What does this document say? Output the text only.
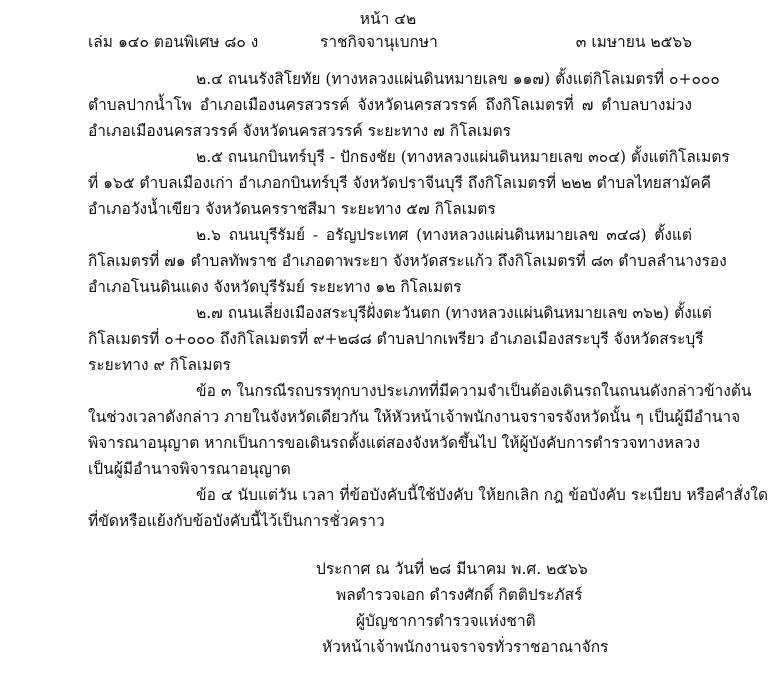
หน้า ๔๒
เล่ม ๑๔๐ ตอนพิเศษ ๘๐ ง	ราชกิจจานุเบกษา	๓ เมษายน ๒๕๖๖
๒.๔ ถนนรังสิโยทัย (ทางหลวงแผ่นดินหมายเลข ๑๑๗) ตั้งแต่กิโลเมตรที่ ๐+๐๐๐
ตำบลปากน้ำโพ อำเภอเมืองนครสวรรค์ จังหวัดนครสวรรค์ ถึงกิโลเมตรที่ ๗ ตำบลบางม่วง
อำเภอเมืองนครสวรรค์ จังหวัดนครสวรรค์ ระยะทาง ๗ กิโลเมตร
๒.๕ ถนนกบินทร์บุรี - ปักธงชัย (ทางหลวงแผ่นดินหมายเลข ๓๐๔) ตั้งแต่กิโลเมตร
ที่ ๑๖๕ ตำบลเมืองเก่า อำเภอกบินทร์บุรี จังหวัดปราจีนบุรี ถึงกิโลเมตรที่ ๒๒๒ ตำบลไทยสามัคคี
อำเภอวังน้ำเขียว จังหวัดนครราชสีมา ระยะทาง ๕๗ กิโลเมตร
๒.๖ ถนนบุรีรัมย์ - อรัญประเทศ (ทางหลวงแผ่นดินหมายเลข ๓๔๘) ตั้งแต่
กิโลเมตรที่ ๗๑ ตำบลทัพราช อำเภอตาพระยา จังหวัดสระแก้ว ถึงกิโลเมตรที่ ๘๓ ตำบลลำนางรอง
อำเภอโนนดินแดง จังหวัดบุรีรัมย์ ระยะทาง ๑๒ กิโลเมตร
๒.๗ ถนนเลี่ยงเมืองสระบุรีฝั่งตะวันตก (ทางหลวงแผ่นดินหมายเลข ๓๖๒) ตั้งแต่
กิโลเมตรที่ ๐+๐๐๐ ถึงกิโลเมตรที่ ๙+๒๘๘ ตำบลปากเพรียว อำเภอเมืองสระบุรี จังหวัดสระบุรี
ระยะทาง ๙ กิโลเมตร
ข้อ ๓ ในกรณีรถบรรทุกบางประเภทที่มีความจำเป็นต้องเดินรถในถนนดังกล่าวข้างต้น
ในช่วงเวลาดังกล่าว ภายในจังหวัดเดียวกัน ให้หัวหน้าเจ้าพนักงานจราจรจังหวัดนั้น ๆ เป็นผู้มีอำนาจ
พิจารณาอนุญาต หากเป็นการขอเดินรถตั้งแต่สองจังหวัดขึ้นไป ให้ผู้บังคับการตำรวจทางหลวง
เป็นผู้มีอำนาจพิจารณาอนุญาต
ข้อ ๔ นับแต่วัน เวลา ที่ข้อบังคับนี้ใช้บังคับ ให้ยกเลิก กฎ ข้อบังคับ ระเบียบ หรือคำสั่งใด
ที่ขัดหรือแย้งกับข้อบังคับนี้ไว้เป็นการชั่วคราว
ประกาศ ณ วันที่ ๒๘ มีนาคม พ.ศ. ๒๕๖๖
พลตำรวจเอก ดำรงศักดิ์ กิตติประภัสร์
ผู้บัญชาการตำรวจแห่งชาติ
หัวหน้าเจ้าพนักงานจราจรทั่วราชอาณาจักร
